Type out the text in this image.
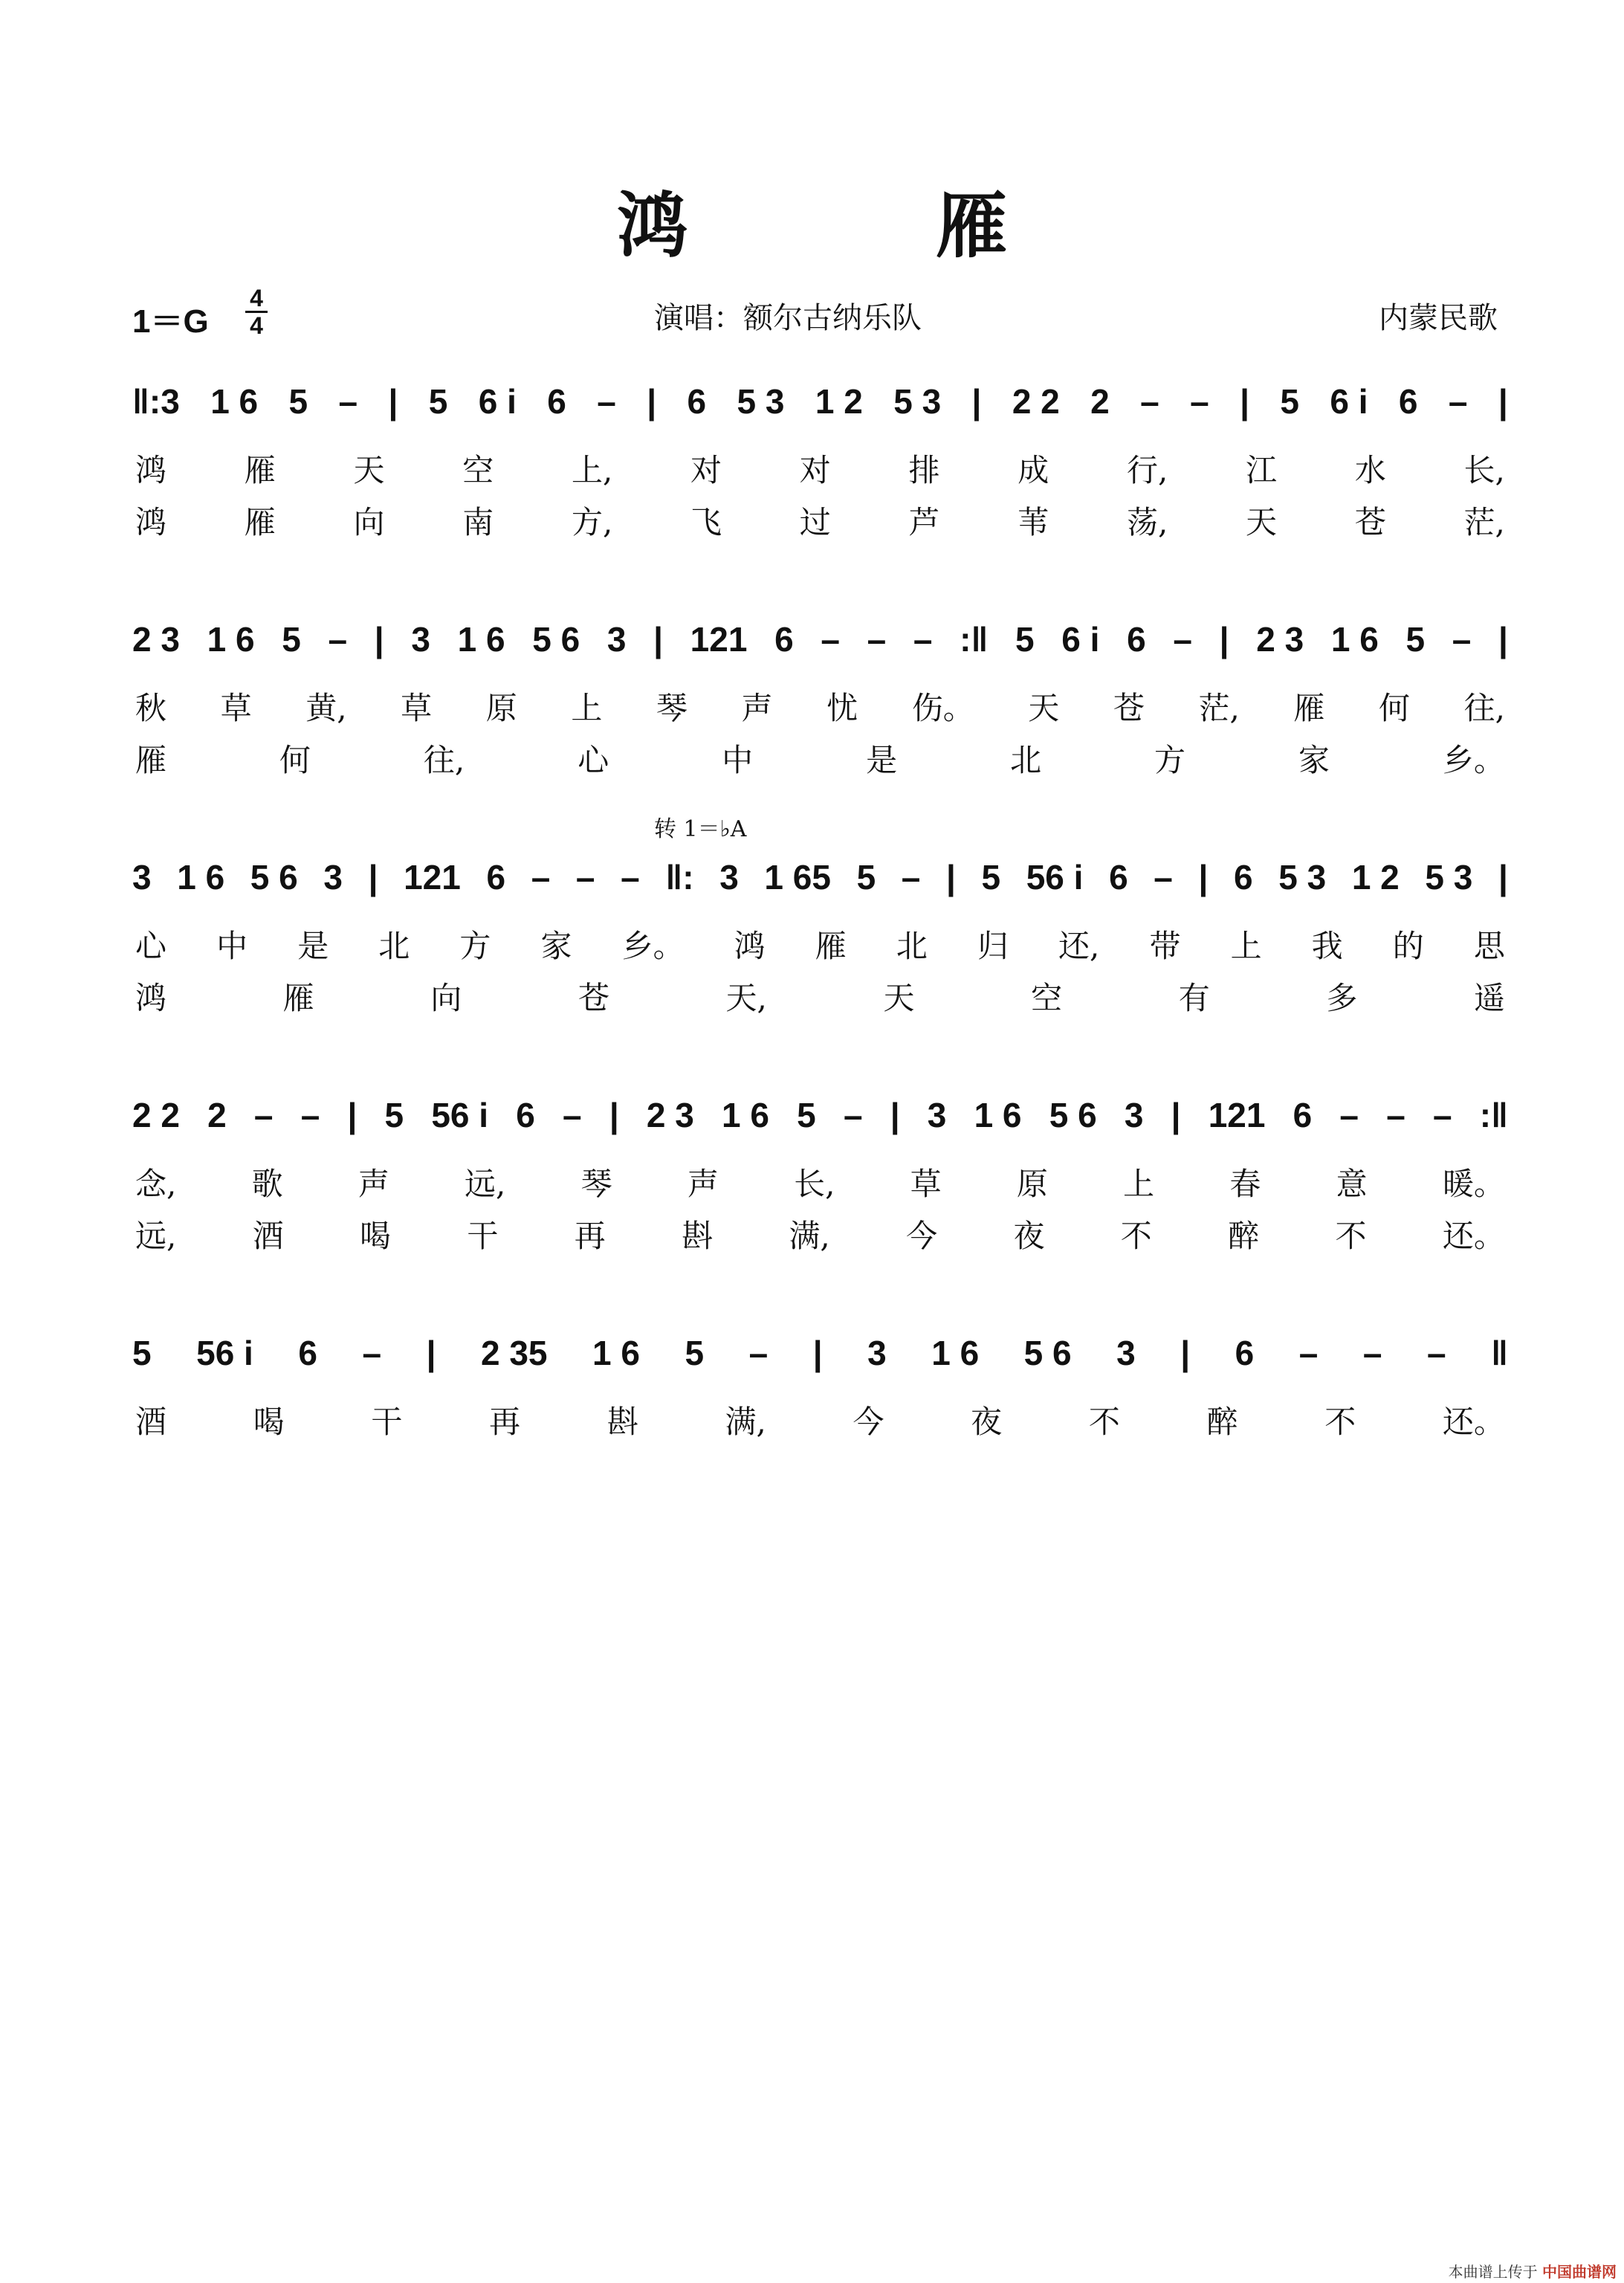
鸿 雁
1＝G
4
4	演唱：额尔古纳乐队	内蒙民歌
转 1＝♭A
‖:3 1 6 5 – | 5 6 i 6 – | 6 5 3 1 2 5 3 | 2 2 2 – – | 5 6 i 6 – |
鸿 雁 天 空 上, 对 对 排 成 行, 江 水 长,
鸿 雁 向 南 方, 飞 过 芦 苇 荡, 天 苍 茫,
2 3 1 6 5 – | 3 1 6 5 6 3 | 121 6 – – – :‖ 5 6 i 6 – | 2 3 1 6 5 – |
秋 草 黄, 草 原 上 琴 声 忧 伤。 天 苍 茫, 雁 何 往,
雁	何	往,	心	中	是	北	方	家	乡。
3 1 6 5 6 3 | 121 6 – – – ‖: 3 1 65 5 – | 5 56 i 6 – | 6 5 3 1 2 5 3 |
心 中 是 北 方 家 乡。 鸿 雁 北 归 还, 带 上 我 的 思
鸿	雁	向	苍	天,	天	空	有	多	遥
2 2 2 – – | 5 56 i 6 – | 2 3 1 6 5 – | 3 1 6 5 6 3 | 121 6 – – – :‖
念, 歌 声 远, 琴 声 长, 草 原 上 春 意 暖。
远, 酒 喝 干 再 斟 满, 今 夜 不 醉 不 还。
5 56 i 6 – | 2 35 1 6 5 – | 3 1 6 5 6 3 | 6 – – – ‖
酒	喝	干	再	斟	满,	今	夜	不	醉	不	还。
本曲谱上传于 中国曲谱网
